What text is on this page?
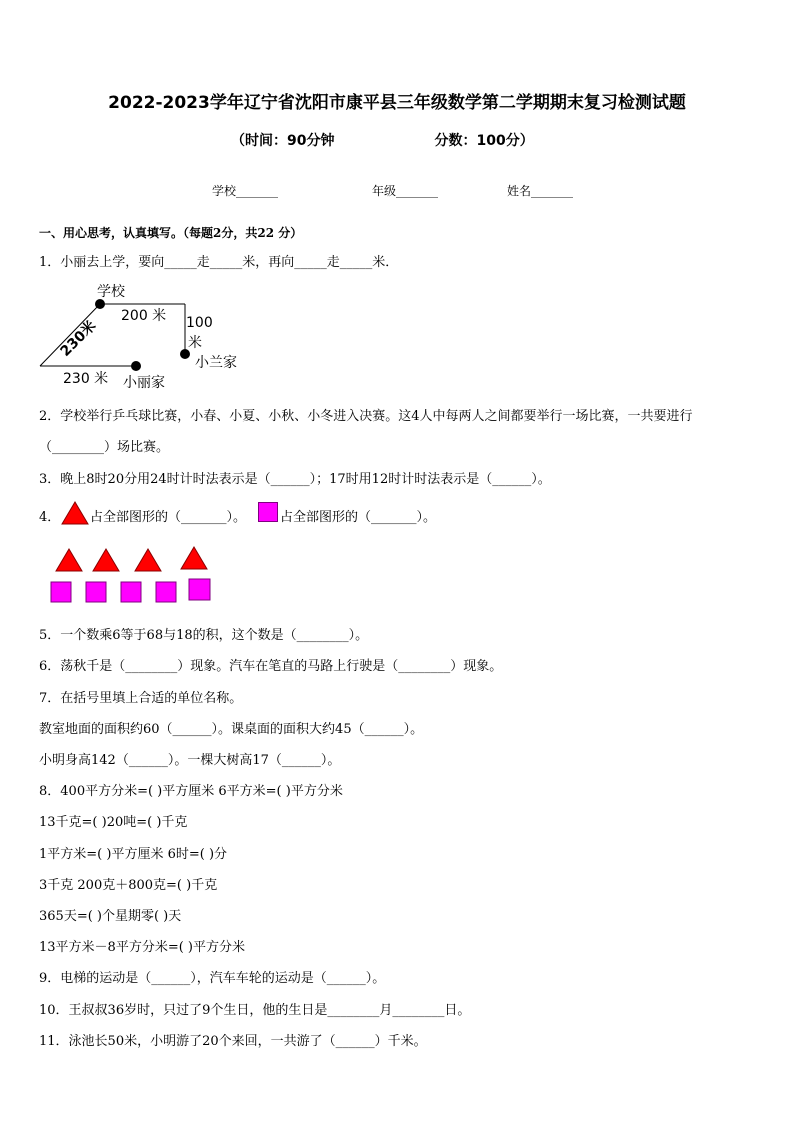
2022-2023学年辽宁省沈阳市康平县三年级数学第二学期期末复习检测试题
（时间：90分钟	分数：100分）
学校_______	年级_______	姓名_______
一、用心思考，认真填写。（每题2分，共22 分）
1．小丽去上学，要向_____走_____米，再向_____走_____米．
学校
200 米 100
米
小兰家
230米
230 米 小丽家
2．学校举行乒乓球比赛，小春、小夏、小秋、小冬进入决赛。这4人中每两人之间都要举行一场比赛，一共要进行
（________）场比赛。
3．晚上8时20分用24时计时法表示是（______）；17时用12时计时法表示是（______）。
4． 占全部图形的（_______）。	占全部图形的（_______）。
5．一个数乘6等于68与18的积，这个数是（________）。
6．荡秋千是（________）现象。汽车在笔直的马路上行驶是（________）现象。
7．在括号里填上合适的单位名称。
教室地面的面积约60（______）。课桌面的面积大约45（______）。
小明身高142（______）。一棵大树高17（______）。
8．400平方分米=( )平方厘米 6平方米=( )平方分米
13千克=( )20吨=( )千克
1平方米=( )平方厘米 6时=( )分
3千克 200克＋800克=( )千克
365天=( )个星期零( )天
13平方米－8平方分米=( )平方分米
9．电梯的运动是（______），汽车车轮的运动是（______）。
10．王叔叔36岁时，只过了9个生日，他的生日是________月________日。
11．泳池长50米，小明游了20个来回，一共游了（______）千米。
